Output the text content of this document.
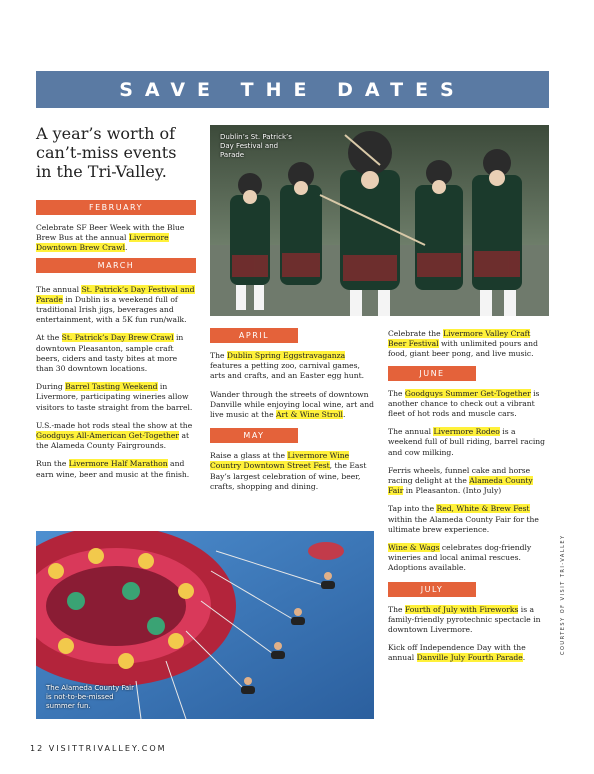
SAVE THE DATES
A year’s worth of can’t-miss events in the Tri-Valley.
Dublin’s St. Patrick’s Day Festival and Parade
FEBRUARY

Celebrate SF Beer Week with the Blue Brew Bus at the annual Livermore Downtown Brew Crawl.

MARCH

The annual St. Patrick’s Day Festival and Parade in Dublin is a weekend full of traditional Irish jigs, beverages and entertainment, with a 5K fun run/walk.

At the St. Patrick’s Day Brew Crawl in downtown Pleasanton, sample craft beers, ciders and tasty bites at more than 30 downtown locations.

During Barrel Tasting Weekend in Livermore, participating wineries allow visitors to taste straight from the barrel.

U.S.-made hot rods steal the show at the Goodguys All-American Get-Together at the Alameda County Fairgrounds.

Run the Livermore Half Marathon and earn wine, beer and music at the finish.

APRIL

The Dublin Spring Eggstravaganza features a petting zoo, carnival games, arts and crafts, and an Easter egg hunt.

Wander through the streets of downtown Danville while enjoying local wine, art and live music at the Art & Wine Stroll.

MAY

Raise a glass at the Livermore Wine Country Downtown Street Fest, the East Bay’s largest celebration of wine, beer, crafts, shopping and dining.

Celebrate the Livermore Valley Craft Beer Festival with unlimited pours and food, giant beer pong, and live music.

JUNE

The Goodguys Summer Get-Together is another chance to check out a vibrant fleet of hot rods and muscle cars.

The annual Livermore Rodeo is a weekend full of bull riding, barrel racing and cow milking.

Ferris wheels, funnel cake and horse racing delight at the Alameda County Fair in Pleasanton. (Into July)

Tap into the Red, White & Brew Fest within the Alameda County Fair for the ultimate brew experience.

Wine & Wags celebrates dog-friendly wineries and local animal rescues. Adoptions available.

JULY

The Fourth of July with Fireworks is a family-friendly pyrotechnic spectacle in downtown Livermore.

Kick off Independence Day with the annual Danville July Fourth Parade.

The Alameda County Fair is not-to-be-missed summer fun.
12 VISITTRIVALLEY.COM
COURTESY OF VISIT TRI-VALLEY
